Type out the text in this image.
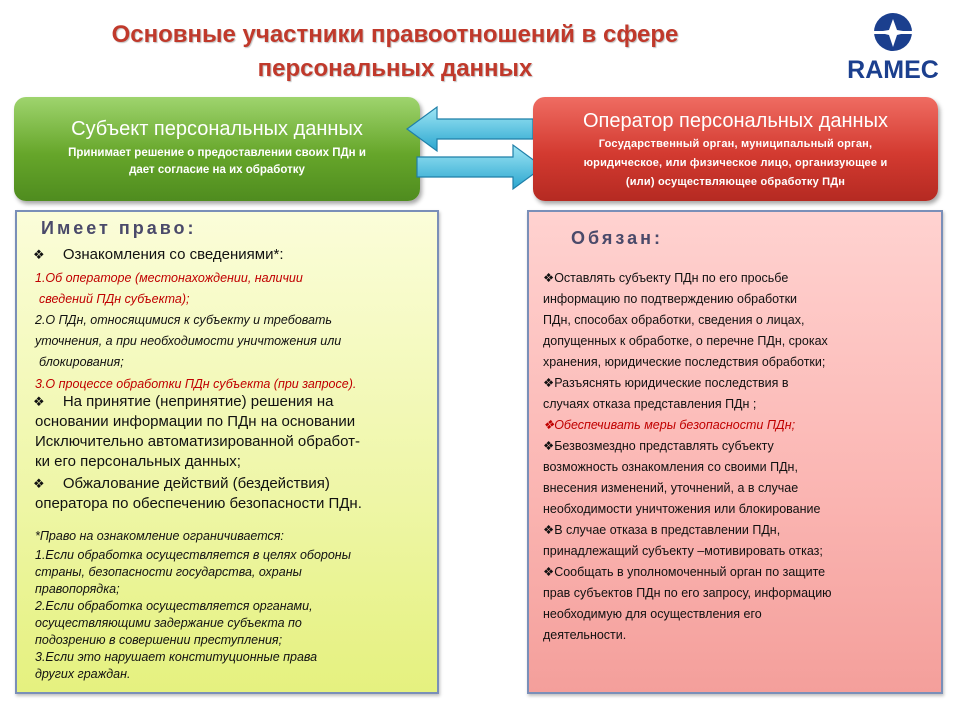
Основные участники правоотношений в сфере
персональных данных	RAMEC
Субъект персональных данных
Принимает решение о предоставлении своих ПДн и
дает согласие на их обработку
Оператор персональных данных
Государственный орган, муниципальный орган,
юридическое, или физическое лицо, организующее и
(или) осуществляющее обработку ПДн
Имеет право:
❖ Ознакомления со сведениями*:
1.Об операторе (местонахождении, наличии
сведений ПДн субъекта);
2.О ПДн, относящимися к субъекту и требовать
уточнения, а при необходимости уничтожения или
блокирования;
3.О процессе обработки ПДн субъекта (при запросе).
❖ На принятие (непринятие) решения на
основании информации по ПДн на основании
Исключительно автоматизированной обработ-
ки его персональных данных;
❖ Обжалование действий (бездействия)
оператора по обеспечению безопасности ПДн.
*Право на ознакомление ограничивается:
1.Если обработка осуществляется в целях обороны
страны, безопасности государства, охраны
правопорядка;
2.Если обработка осуществляется органами,
осуществляющими задержание субъекта по
подозрению в совершении преступления;
3.Если это нарушает конституционные права
других граждан.
Обязан:
❖Оставлять субъекту ПДн по его просьбе
информацию по подтверждению обработки
ПДн, способах обработки, сведения о лицах,
допущенных к обработке, о перечне ПДн, сроках
хранения, юридические последствия обработки;
❖Разъяснять юридические последствия в
случаях отказа представления ПДн ;
❖Обеспечивать меры безопасности ПДн;
❖Безвозмездно представлять субъекту
возможность ознакомления со своими ПДн,
внесения изменений, уточнений, а в случае
необходимости уничтожения или блокирование
❖В случае отказа в представлении ПДн,
принадлежащий субъекту –мотивировать отказ;
❖Сообщать в уполномоченный орган по защите
прав субъектов ПДн по его запросу, информацию
необходимую для осуществления его
деятельности.
